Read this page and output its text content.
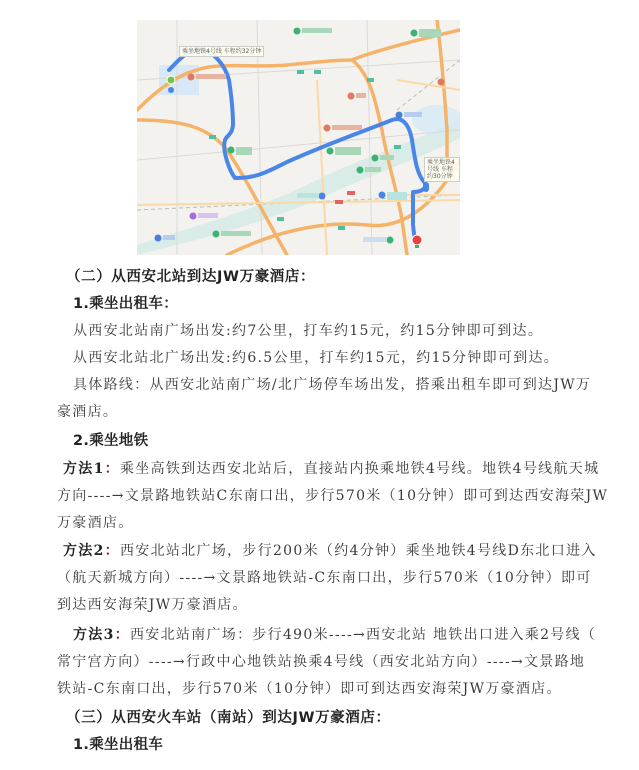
乘坐地铁4号线 车程约32分钟
乘坐地铁4号线 车程约30分钟
（二）从西安北站到达JW万豪酒店：
1.乘坐出租车：
从西安北站南广场出发:约7公里，打车约15元，约15分钟即可到达。
从西安北站北广场出发:约6.5公里，打车约15元，约15分钟即可到达。
具体路线：从西安北站南广场/北广场停车场出发，搭乘出租车即可到达JW万
豪酒店。
2.乘坐地铁
方法1：乘坐高铁到达西安北站后，直接站内换乘地铁4号线。地铁4号线航天城
方向----→文景路地铁站C东南口出，步行570米（10分钟）即可到达西安海荣JW
万豪酒店。
方法2：西安北站北广场，步行200米（约4分钟）乘坐地铁4号线D东北口进入
（航天新城方向）----→文景路地铁站-C东南口出，步行570米（10分钟）即可
到达西安海荣JW万豪酒店。
方法3：西安北站南广场：步行490米----→西安北站 地铁出口进入乘2号线（
常宁宫方向）----→行政中心地铁站换乘4号线（西安北站方向）----→文景路地
铁站-C东南口出，步行570米（10分钟）即可到达西安海荣JW万豪酒店。
（三）从西安火车站（南站）到达JW万豪酒店：
1.乘坐出租车
